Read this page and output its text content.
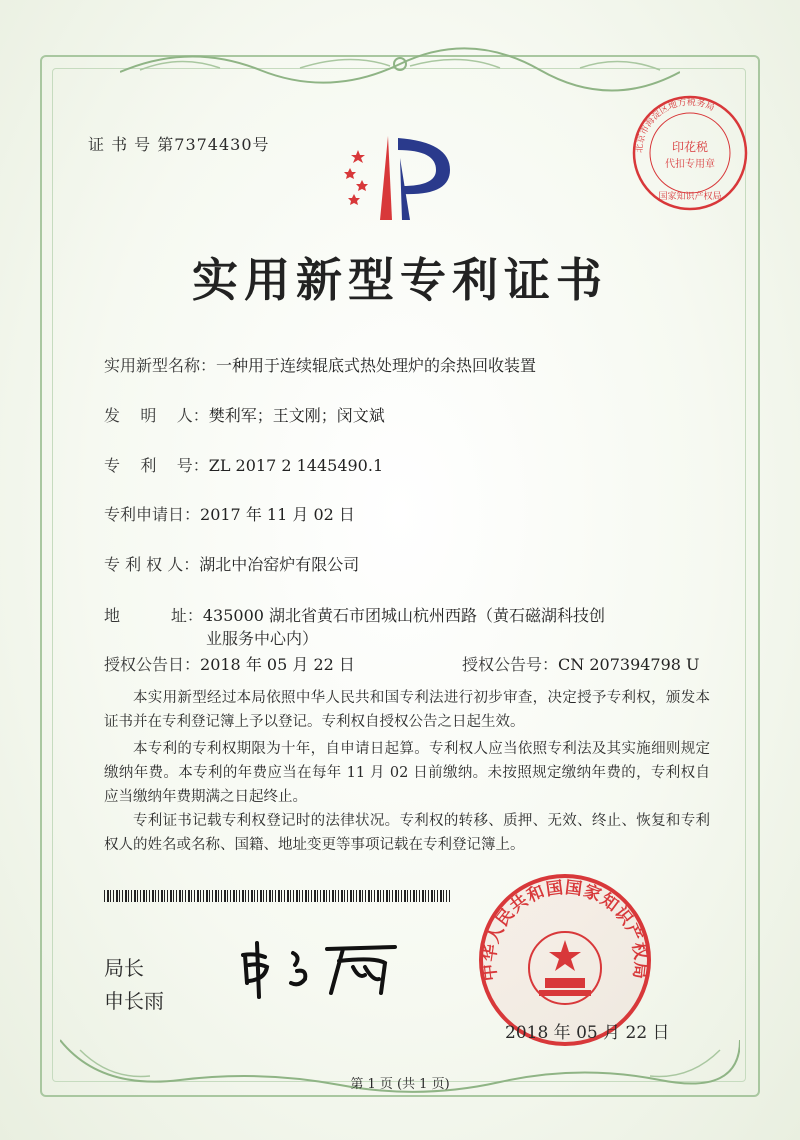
证 书 号 第7374430号
实用新型专利证书
北京市海淀区地方税务局
印花税
代扣专用章
国家知识产权局
实用新型名称：一种用于连续辊底式热处理炉的余热回收装置
发    明    人：樊利军；王文刚；闵文斌
专    利    号：ZL 2017 2 1445490.1
专利申请日：2017 年 11 月 02 日
专 利 权 人：湖北中冶窑炉有限公司
地          址：435000 湖北省黄石市团城山杭州西路（黄石磁湖科技创
业服务中心内）
授权公告日：2018 年 05 月 22 日	授权公告号：CN 207394798 U
本实用新型经过本局依照中华人民共和国专利法进行初步审查，决定授予专利权，颁发本证书并在专利登记簿上予以登记。专利权自授权公告之日起生效。
本专利的专利权期限为十年，自申请日起算。专利权人应当依照专利法及其实施细则规定缴纳年费。本专利的年费应当在每年 11 月 02 日前缴纳。未按照规定缴纳年费的，专利权自应当缴纳年费期满之日起终止。
专利证书记载专利权登记时的法律状况。专利权的转移、质押、无效、终止、恢复和专利权人的姓名或名称、国籍、地址变更等事项记载在专利登记簿上。
局长
申长雨
中华人民共和国国家知识产权局
2018 年 05 月 22 日
第 1 页 (共 1 页)
